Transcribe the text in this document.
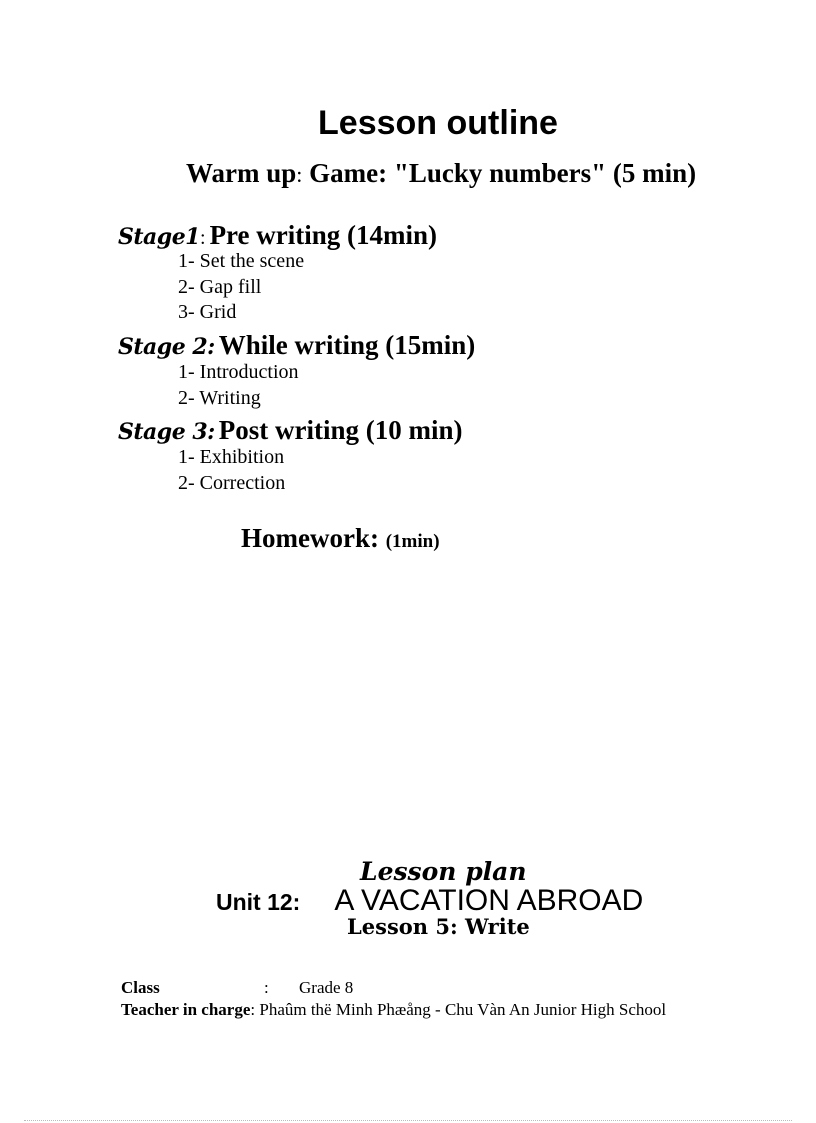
Lesson outline
Warm up: Game: "Lucky numbers" (5 min)
Stage1: Pre writing (14min)
1- Set the scene
2- Gap fill
3- Grid
Stage 2: While writing (15min)
1- Introduction
2- Writing
Stage 3: Post writing (10 min)
1- Exhibition
2- Correction
Homework: (1min)
Lesson plan
Unit 12: A VACATION ABROAD
Lesson 5: Write
Class	: Grade 8
Teacher in charge: Phaûm thë Minh Phæång - Chu Vàn An Junior High School
